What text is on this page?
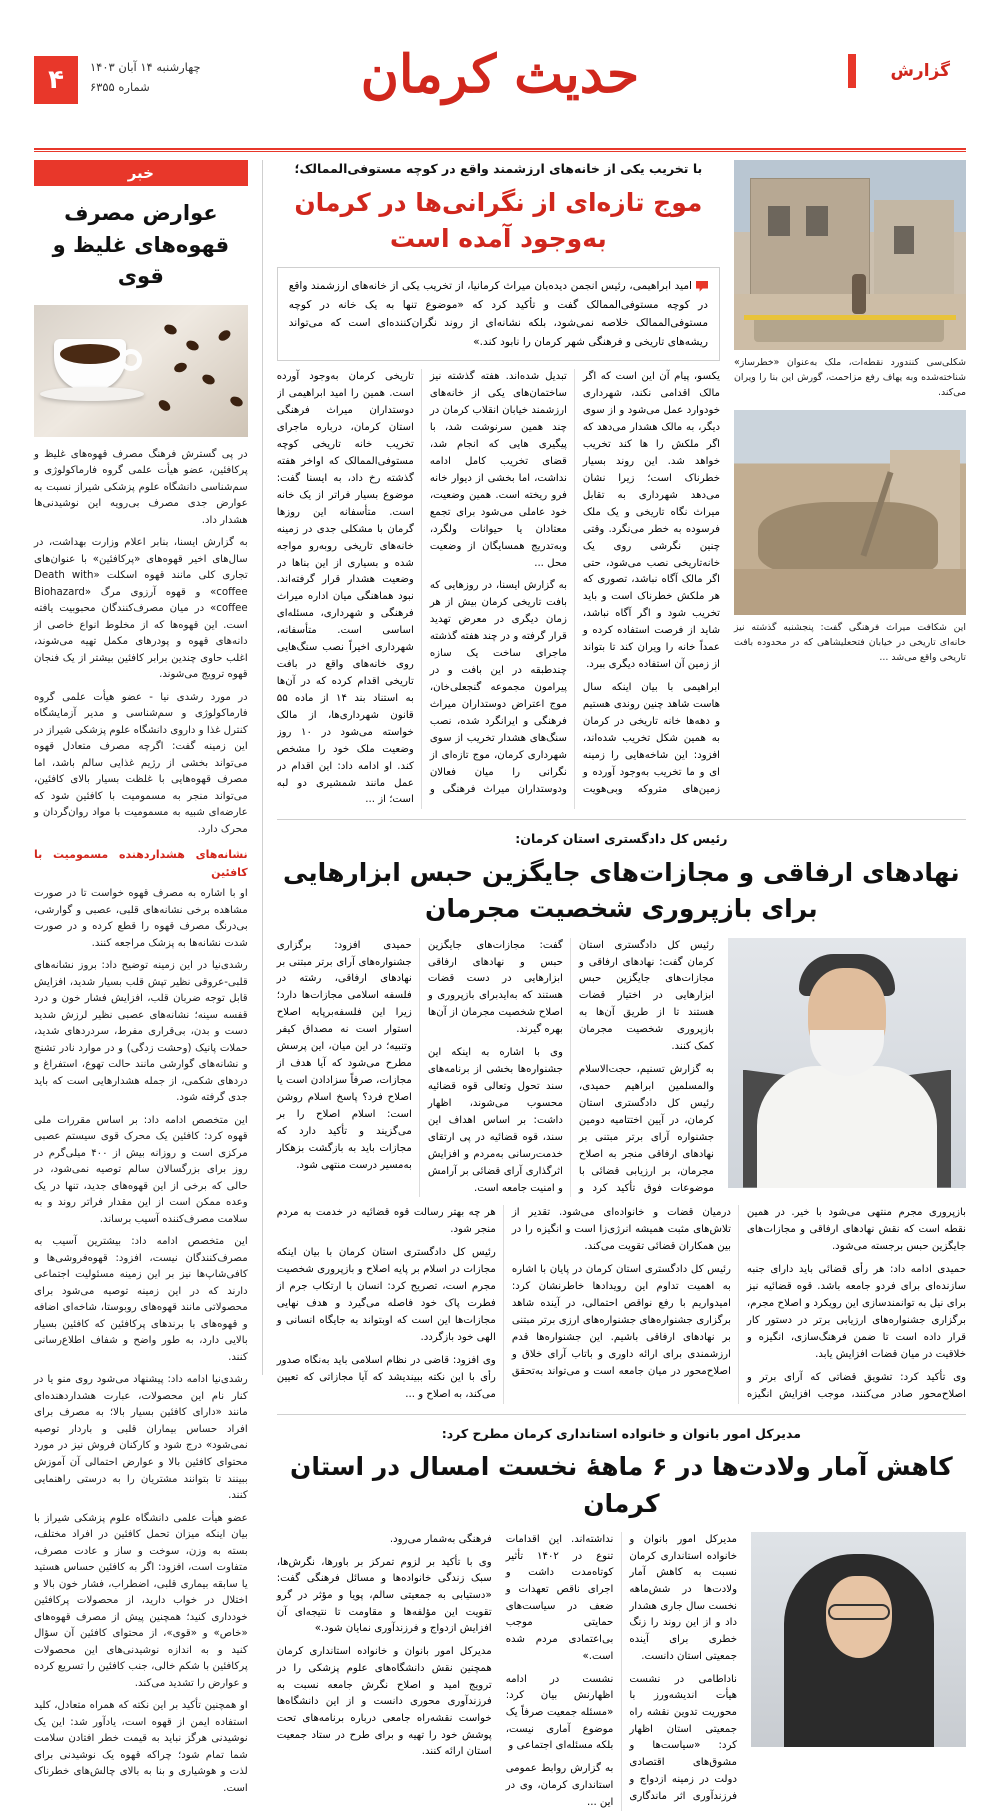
۴	چهارشنبه ۱۴ آبان ۱۴۰۳
شماره ۶۳۵۵	حدیث کرمان	گزارش
شکلی‌سی کنندورد نقطه‌ات، ملک به‌عنوان «خطرساز» شناخته‌شده وبه یهاف رفع مزاحمت، گورش این بنا را ویران می‌کند.
این شکافت میراث فرهنگی گفت: پنجشنبه گذشته نیز خانه‌ای تاریخی در خیابان فتحعلیشاهی که در محدوده بافت تاریخی واقع می‌شد ...
با تخریب یکی از خانه‌های ارزشمند واقع در کوچه مستوفی‌الممالک؛
موج تازه‌ای از نگرانی‌ها در کرمان به‌وجود آمده است
امید ابراهیمی، رئیس انجمن دیده‌بان میراث کرمانیا، از تخریب یکی از خانه‌های ارزشمند واقع در کوچه مستوفی‌الممالک گفت و تأکید کرد که «موضوع تنها به یک خانه در کوچه مستوفی‌الممالک خلاصه نمی‌شود، بلکه نشانه‌ای از روند نگران‌کننده‌ای است که می‌تواند ریشه‌های تاریخی و فرهنگی شهر کرمان را نابود کند.»

یکسو، پیام آن این است که اگر مالک اقدامی نکند، شهرداری خودوارد عمل می‌شود و از سوی دیگر، به مالک هشدار می‌دهد که اگر ملکش را ها کند تخریب خواهد شد. این روند بسیار خطرناک است؛ زیرا نشان می‌دهد شهرداری به تقابل میراث نگاه تاریخی و یک ملک فرسوده به خطر می‌نگرد. وقتی چنین نگرشی روی یک خانه‌تاریخی نصب می‌شود، حتی اگر مالک آگاه نباشد، تصوری که هر ملکش خطرناک است و باید تخریب شود و اگر آگاه نباشد، شاید از فرصت استفاده کرده و عمداً خانه را ویران کند تا بتواند از زمین آن استفاده دیگری ببرد.

ابراهیمی با بیان اینکه سال هاست شاهد چنین روندی هستیم و دهه‌ها خانه تاریخی در کرمان به همین شکل تخریب شده‌اند، افزود: این شاخه‌هایی را زمینه ای و ما تخریب به‌وجود آورده و زمین‌های متروکه وبی‌هویت تبدیل شده‌اند. هفته گذشته نیز ساختمان‌های یکی از خانه‌های ارزشمند خیابان انقلاب کرمان در چند همین سرنوشت شد، با پیگیری هایی که انجام شد، قضای تخریب کامل ادامه نداشت، اما بخشی از دیوار خانه فرو ریخته است. همین وضعیت، خود عاملی می‌شود برای تجمع معتادان یا حیوانات ولگرد، وبه‌تدریج همسایگان از وضعیت محل ...

به گزارش ایسنا، در روزهایی که بافت تاریخی کرمان بیش از هر زمان دیگری در معرض تهدید قرار گرفته و در چند هفته گذشته ماجرای ساخت یک سازه چندطبقه در این بافت و در پیرامون مجموعه گنجعلی‌خان، موج اعتراض دوستداران میراث فرهنگی و ایرانگرد شده، نصب سنگ‌های هشدار تخریب از سوی شهرداری کرمان، موج تازه‌ای از نگرانی را میان فعالان ودوستداران میراث فرهنگی و تاریخی کرمان به‌وجود آورده است. همین را امید ابراهیمی از دوستداران میراث فرهنگی استان کرمان، درباره ماجرای تخریب خانه تاریخی کوچه مستوفی‌الممالک که اواخر هفته گذشته رخ داد، به ایسنا گفت: موضوع بسیار فراتر از یک خانه است. متأسفانه این روزها گرمان با مشکلی جدی در زمینه خانه‌های تاریخی روبه‌رو مواجه شده و بسیاری از این بناها در وضعیت هشدار قرار گرفته‌اند. نبود هماهنگی میان اداره میراث فرهنگی و شهرداری، مسئله‌ای اساسی است. متأسفانه، شهرداری اخیراً نصب سنگ‌هایی روی خانه‌های واقع در بافت تاریخی اقدام کرده که در آن‌ها به استناد بند ۱۴ از ماده ۵۵ قانون شهرداری‌ها، از مالک خواسته می‌شود در ۱۰ روز وضعیت ملک خود را مشخص کند. او ادامه داد: این اقدام در عمل مانند شمشیری دو لبه است؛ از ...

رئیس کل دادگستری استان کرمان:
نهادهای ارفاقی و مجازات‌های جایگزین حبس ابزارهایی برای بازپروری شخصیت مجرمان

رئیس کل دادگستری استان کرمان گفت: نهادهای ارفاقی و مجازات‌های جایگزین حبس ابزارهایی در اختیار قضات هستند تا از طریق آن‌ها به بازپروری شخصیت مجرمان کمک کنند.

به گزارش تسنیم، حجت‌الاسلام والمسلمین ابراهیم حمیدی، رئیس کل دادگستری استان کرمان، در آیین اختتامیه دومین جشنواره آرای برتر مبتنی بر نهادهای ارفاقی منجر به اصلاح مجرمان، بر ارزیابی قضائی با موضوعات فوق تأکید کرد و گفت: مجازات‌های جایگزین حبس و نهادهای ارفاقی ابزارهایی در دست قضات هستند که به‌ایدبرای بازپروری و اصلاح شخصیت مجرمان از آن‌ها بهره گیرند.

وی با اشاره به اینکه این جشنواره‌ها بخشی از برنامه‌های سند تحول وتعالی قوه قضائیه محسوب می‌شوند، اظهار داشت: بر اساس اهداف این سند، قوه قضائیه در پی ارتقای خدمت‌رسانی به‌مردم و افزایش اثرگذاری آرای قضائی بر آرامش و امنیت جامعه است.

حمیدی افزود: برگزاری جشنواره‌های آرای برتر مبتنی بر نهادهای ارفاقی، رشته در فلسفه اسلامی مجازات‌ها دارد؛ زیرا این فلسفه‌برپایه اصلاح استوار است نه مصداق کیفر وتنبیه؛ در این میان، این پرسش مطرح می‌شود که آیا هدف از مجازات، صرفاً سزادادن است یا اصلاح فرد؟ پاسخ اسلام روشن است: اسلام اصلاح را بر می‌گزیند و تأکید دارد که مجازات باید به بازگشت بزهکار به‌مسیر درست منتهی شود.

بازپروری مجرم منتهی می‌شود با خیر. در همین نقطه است که نقش نهادهای ارفاقی و مجازات‌های جایگزین حبس برجسته می‌شود.

حمیدی ادامه داد: هر رأی قضائی باید دارای جنبه سازنده‌ای برای فردو جامعه باشد. قوه قضائیه نیز برای نیل به توانمندسازی این رویکرد و اصلاح مجرم، برگزاری جشنواره‌های ارزیابی برتر در دستور کار قرار داده است تا ضمن فرهنگ‌سازی، انگیزه و خلاقیت در میان قضات افزایش یابد.

وی تأکید کرد: تشویق قضاتی که آرای برتر و اصلاح‌محور صادر می‌کنند، موجب افزایش انگیزه درمیان قضات و خانواده‌ای می‌شود. تقدیر از تلاش‌های مثبت همیشه انرژی‌زا است و انگیزه را در بین همکاران قضائی تقویت می‌کند.

رئیس کل دادگستری استان کرمان در پایان با اشاره به اهمیت تداوم این رویدادها خاطرنشان کرد: امیدواریم با رفع نواقص احتمالی، در آینده شاهد برگزاری جشنواره‌های جشنواره‌های ارزی برتر مبتنی بر نهادهای ارفاقی باشیم. این جشنواره‌ها قدم ارزشمندی برای ارائه داوری و باتاب آرای خلاق و اصلاح‌محور در میان جامعه است و می‌تواند به‌تحقق هر چه بهتر رسالت قوه قضائیه در خدمت به مردم منجر شود.

رئیس کل دادگستری استان کرمان با بیان اینکه مجازات در اسلام بر پایه اصلاح و بازپروری شخصیت مجرم است، تصریح کرد: انسان با ارتکاب جرم از فطرت پاک خود فاصله می‌گیرد و هدف نهایی مجازات‌ها این است که اوبتواند به جایگاه انسانی و الهی خود بازگردد.

وی افزود: قاضی در نظام اسلامی باید به‌نگاه صدور رأی با این نکته ببیندیشد که آیا مجازاتی که تعیین می‌کند، به اصلاح و ...

مدیرکل امور بانوان و خانواده استانداری کرمان مطرح کرد:
کاهش آمار ولادت‌ها در ۶ ماهۀ نخست امسال در استان کرمان

مدیرکل امور بانوان و خانواده استانداری کرمان نسبت به کاهش آمار ولادت‌ها در شش‌ماهه نخست سال جاری هشدار داد و از این روند را زنگ خطری برای آینده جمعیتی استان دانست.

ناداطامی در نشست هیأت اندیشه‌ورز با محوریت تدوین نقشه راه جمعیتی استان اظهار کرد: «سیاست‌ها و مشوق‌های اقتصادی دولت در زمینه ازدواج و فرزندآوری اثر ماندگاری نداشته‌اند. این اقدامات تنوع در ۱۴۰۲ تأثیر کوتاه‌مدت داشت و اجرای ناقص تعهدات و ضعف در سیاست‌های حمایتی موجب بی‌اعتمادی مردم شده است.»

نشست در ادامه اظهارنش بیان کرد: «مسئله جمعیت صرفاً یک موضوع آماری نیست، بلکه مسئله‌ای اجتماعی و

به گزارش روابط عمومی استانداری کرمان، وی در این ...

فرهنگی به‌شمار می‌رود.

وی با تأکید بر لزوم تمرکز بر باورها، نگرش‌ها، سبک زندگی خانواده‌ها و مسائل فرهنگی گفت: «دستیابی به جمعیتی سالم، پویا و مؤثر در گرو تقویت این مؤلفه‌ها و مقاومت تا نتیجه‌ای آن افزایش ازدواج و فرزندآوری نمایان شود.»

مدیرکل امور بانوان و خانواده استانداری کرمان همچنین نقش دانشگاه‌های علوم پزشکی را در ترویج امید و اصلاح نگرش جامعه نسبت به فرزندآوری محوری دانست و از این دانشگاه‌ها خواست نقشه‌راه جامعی درباره برنامه‌های تحت پوشش خود را تهیه و برای طرح در ستاد جمعیت استان ارائه کنند.

خبر
عوارض مصرف قهوه‌های غلیظ و قوی

در پی گسترش فرهنگ مصرف قهوه‌های غلیظ و پرکافئین، عضو هیأت علمی گروه فارماکولوژی و سم‌شناسی دانشگاه علوم پزشکی شیراز نسبت به عوارض جدی مصرف بی‌رویه این نوشیدنی‌ها هشدار داد.

به گزارش ایسنا، بنابر اعلام وزارت بهداشت، در سال‌های اخیر قهوه‌های «پرکافئین» با عنوان‌های تجاری کلی مانند قهوه اسکلت «Death with coffee» و قهوه آرزوی مرگ «Biohazard coffee» در میان مصرف‌کنندگان محبوبیت یافته است. این قهوه‌ها که از مخلوط انواع خاصی از دانه‌های قهوه و پودرهای مکمل تهیه می‌شوند، اغلب حاوی چندین برابر کافئین بیشتر از یک فنجان قهوه ترویج می‌شوند.

در مورد رشدی نیا - عضو هیأت علمی گروه فارماکولوژی و سم‌شناسی و مدیر آزمایشگاه کنترل غذا و داروی دانشگاه علوم پزشکی شیراز در این زمینه گفت: اگرچه مصرف متعادل قهوه می‌تواند بخشی از رژیم غذایی سالم باشد، اما مصرف قهوه‌هایی با غلظت بسیار بالای کافئین، می‌تواند منجر به مسمومیت با کافئین شود که عارضه‌ای شبیه به مسمومیت با مواد روان‌گردان و محرک دارد.

نشانه‌های هشداردهنده مسمومیت با کافئین

او با اشاره به مصرف قهوه خواست تا در صورت مشاهده برخی نشانه‌های قلبی، عصبی و گوارشی، بی‌درنگ مصرف قهوه را قطع کرده و در صورت شدت نشانه‌ها به پزشک مراجعه کنند.

رشدی‌نیا در این زمینه توضیح داد: بروز نشانه‌های قلبی-عروقی نظیر تپش قلب بسیار شدید، افزایش قابل توجه ضربان قلب، افزایش فشار خون و درد قفسه سینه؛ نشانه‌های عصبی نظیر لرزش شدید دست و بدن، بی‌قراری مفرط، سردردهای شدید، حملات پانیک (وحشت زدگی) و در موارد نادر تشنج و نشانه‌های گوارشی مانند حالت تهوع، استفراغ و دردهای شکمی، از جمله هشدارهایی است که باید جدی گرفته شود.

این متخصص ادامه داد: بر اساس مقررات ملی قهوه کرد: کافئین یک محرک قوی سیستم عصبی مرکزی است و روزانه بیش از ۴۰۰ میلی‌گرم در روز برای بزرگسالان سالم توصیه نمی‌شود، در حالی که برخی از این قهوه‌های جدید، تنها در یک وعده ممکن است از این مقدار فراتر روند و به سلامت مصرف‌کننده آسیب برساند.

این متخصص ادامه داد: بیشترین آسیب به مصرف‌کنندگان نیست، افزود: قهوه‌فروشی‌ها و کافی‌شاپ‌ها نیز بر این زمینه مسئولیت اجتماعی دارند که در این زمینه توصیه می‌شود برای محصولاتی مانند قهوه‌های روبوستا، شاخه‌ای اضافه و قهوه‌های با برندهای پرکافئین که کافئین بسیار بالایی دارد، به طور واضح و شفاف اطلاع‌رسانی کنند.

رشدی‌نیا ادامه داد: پیشنهاد می‌شود روی منو یا در کنار نام این محصولات، عبارت هشداردهنده‌ای مانند «دارای کافئین بسیار بالا؛ به مصرف برای افراد حساس بیماران قلبی و باردار توصیه نمی‌شود» درج شود و کارکنان فروش نیز در مورد محتوای کافئین بالا و عوارض احتمالی آن آموزش ببینند تا بتوانند مشتریان را به درستی راهنمایی کنند.

عضو هیأت علمی دانشگاه علوم پزشکی شیراز با بیان اینکه میزان تحمل کافئین در افراد مختلف، بسته به وزن، سوخت و ساز و عادت مصرف، متفاوت است، افزود: اگر به کافئین حساس هستید یا سابقه بیماری قلبی، اضطراب، فشار خون بالا و اختلال در خواب دارید، از محصولات پرکافئین خودداری کنید؛ همچنین پیش از مصرف قهوه‌های «خاص» و «قوی»، از محتوای کافئین آن سؤال کنید و به اندازه نوشیدنی‌های این محصولات پرکافئین با شکم خالی، جنب کافئین را تسریع کرده و عوارض را تشدید می‌کند.

او همچنین تأکید بر این نکته که همراه متعادل، کلید استفاده ایمن از قهوه است، یادآور شد: این یک نوشیدنی هرگز نباید به قیمت خطر افتادن سلامت شما تمام شود؛ چراکه قهوه یک نوشیدنی برای لذت و هوشیاری و بنا به بالای چالش‌های خطرناک است.
